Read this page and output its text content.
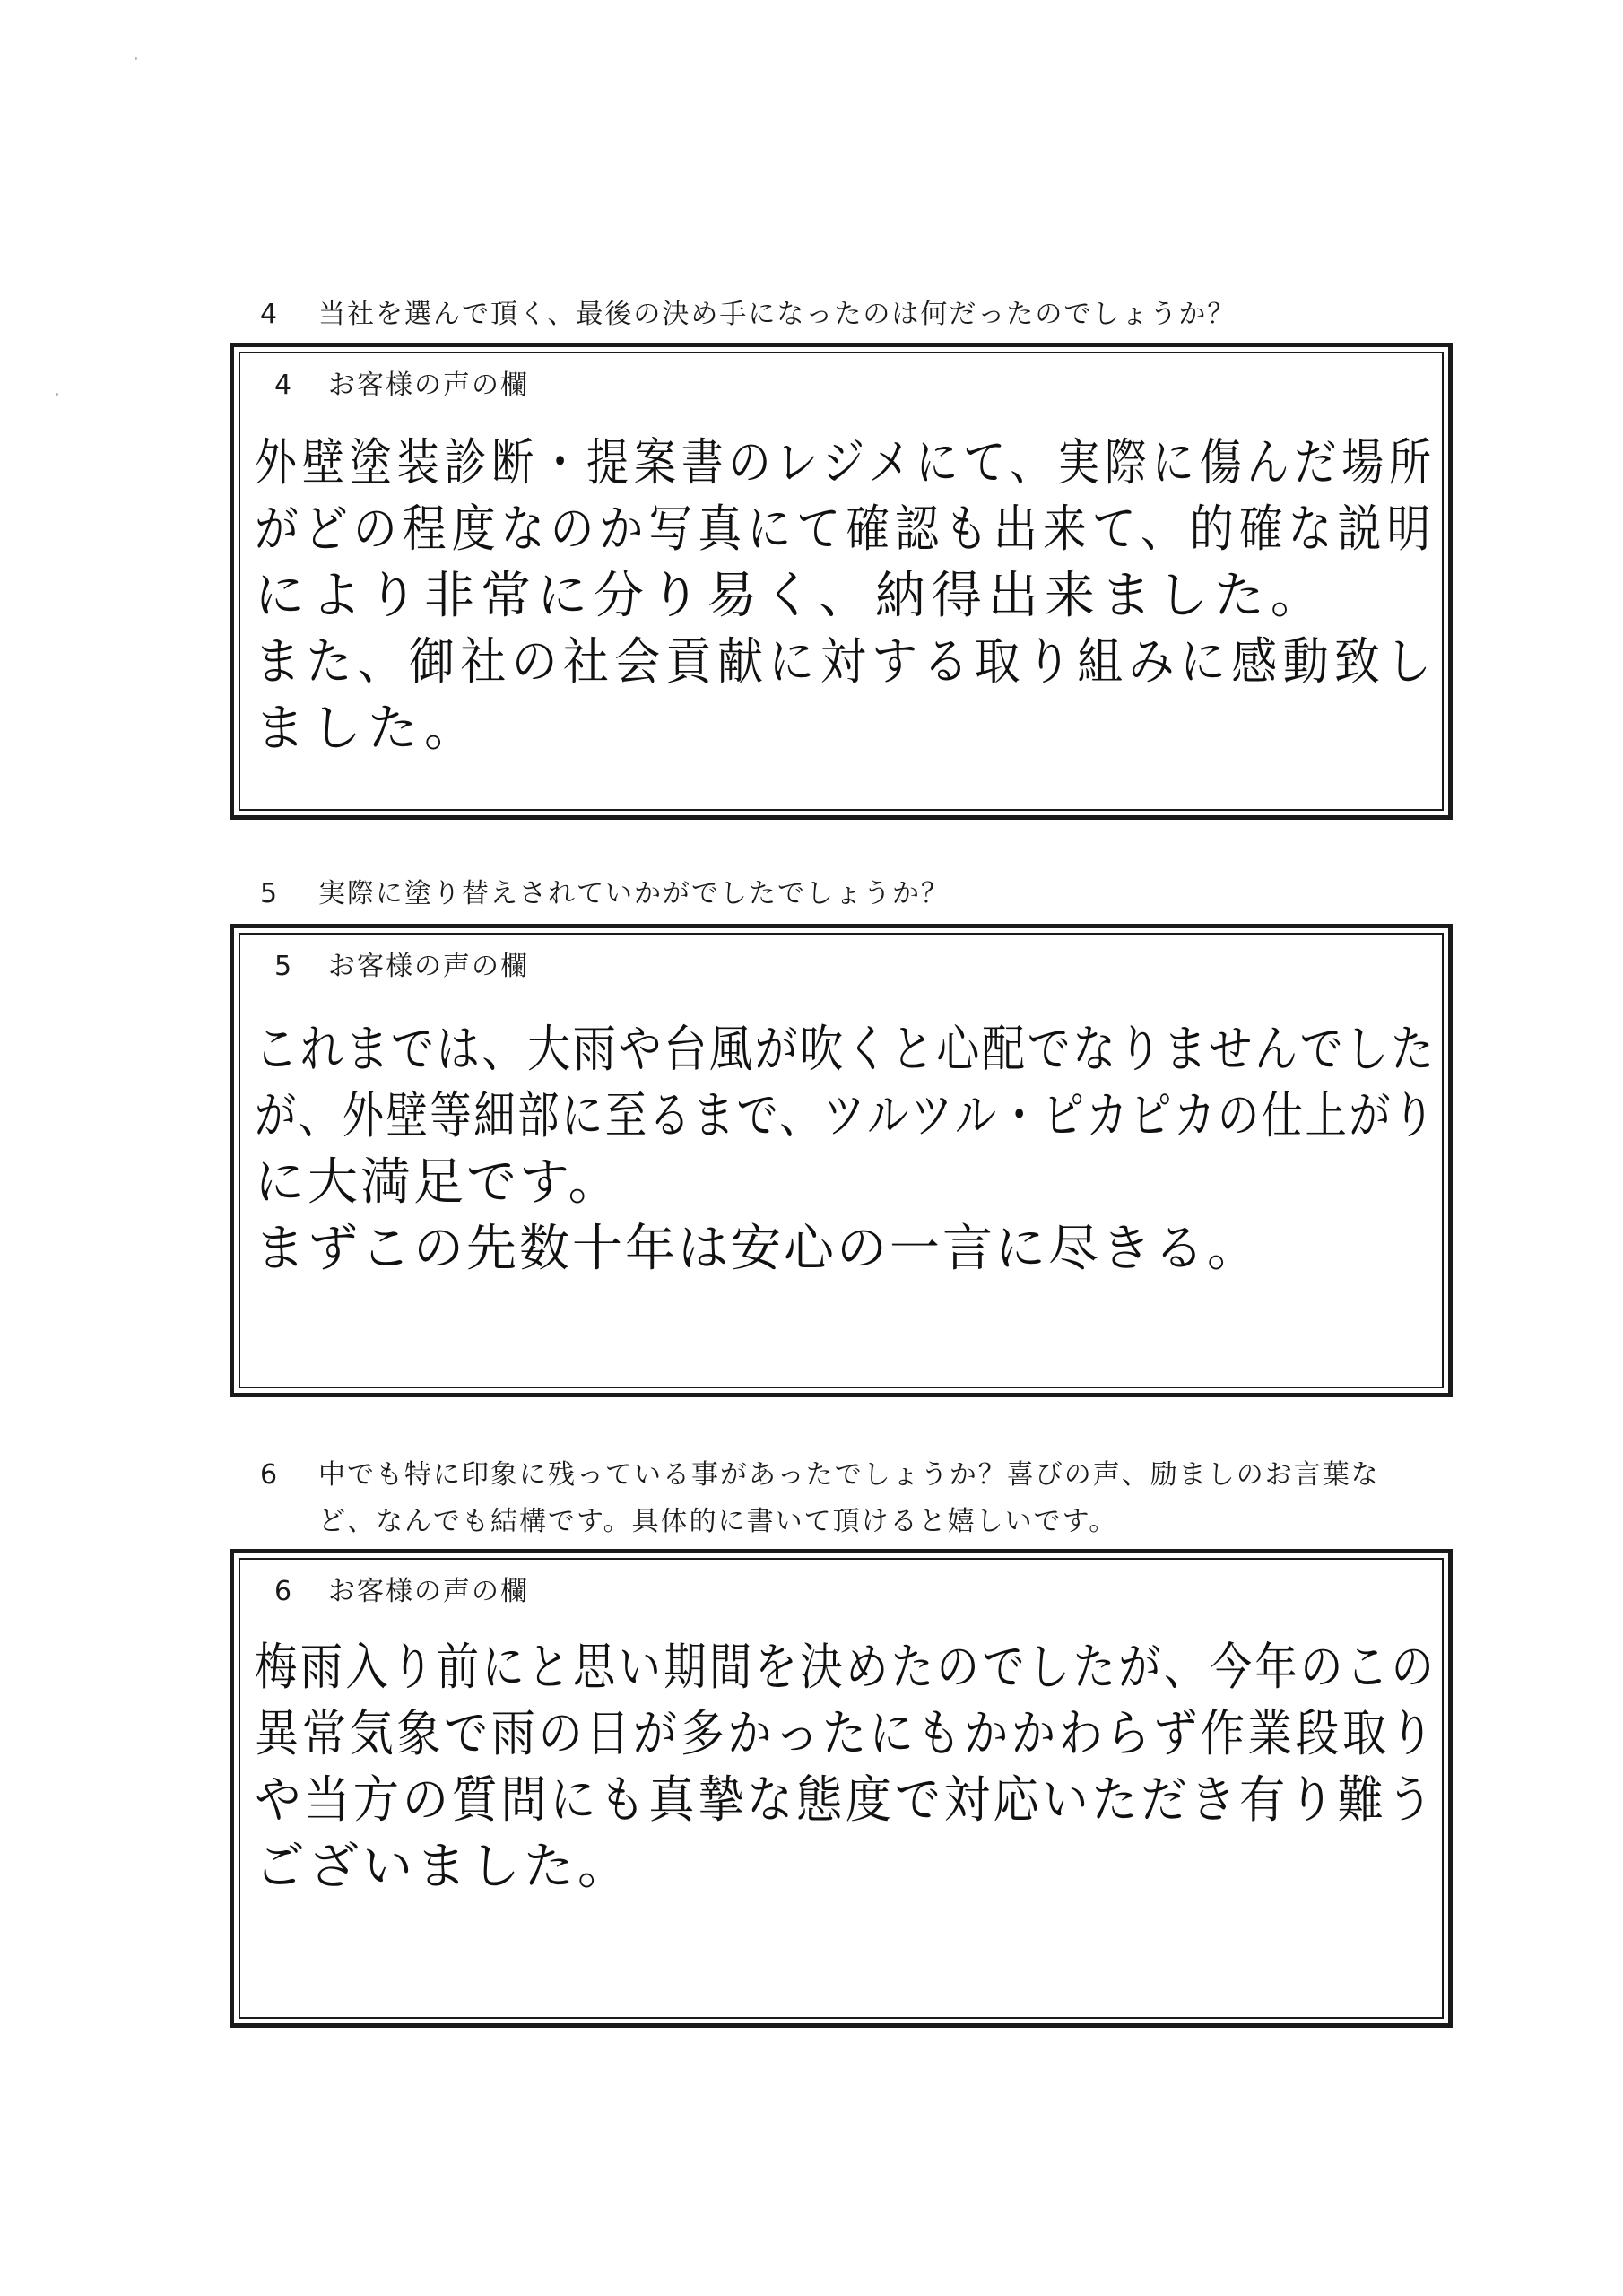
4 当社を選んで頂く、最後の決め手になったのは何だったのでしょうか？
4 お客様の声の欄
外壁塗装診断・提案書のレジメにて、実際に傷んだ場所
がどの程度なのか写真にて確認も出来て、的確な説明
により非常に分り易く、納得出来ました。
また、御社の社会貢献に対する取り組みに感動致し
ました。
5 実際に塗り替えされていかがでしたでしょうか？
5 お客様の声の欄
これまでは、大雨や台風が吹くと心配でなりませんでした
が、外壁等細部に至るまで、ツルツル・ピカピカの仕上がり
に大満足です。
まずこの先数十年は安心の一言に尽きる。
6 中でも特に印象に残っている事があったでしょうか？喜びの声、励ましのお言葉な
ど、なんでも結構です。具体的に書いて頂けると嬉しいです。
6 お客様の声の欄
梅雨入り前にと思い期間を決めたのでしたが、今年のこの
異常気象で雨の日が多かったにもかかわらず作業段取り
や当方の質問にも真摯な態度で対応いただき有り難う
ございました。
